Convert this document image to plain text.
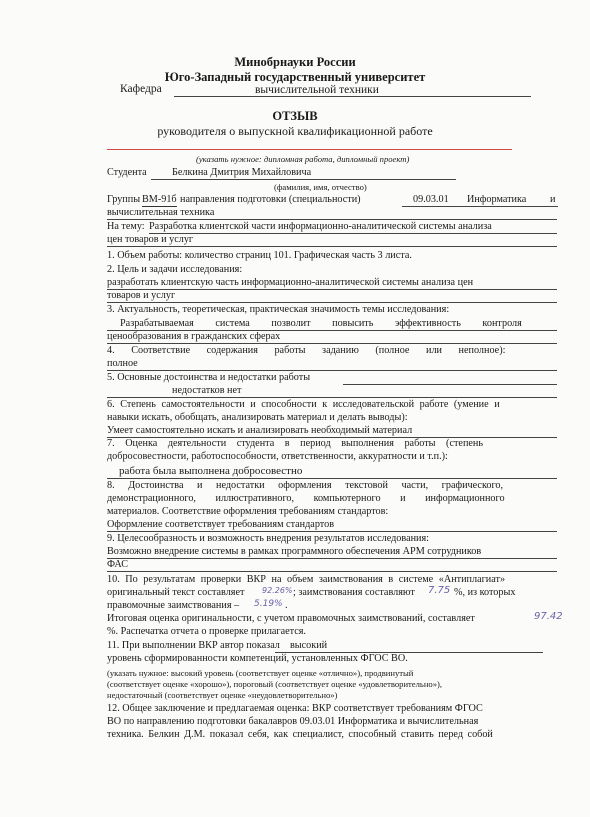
Минобрнауки России
Юго-Западный государственный университет
Кафедра	вычислительной техники
ОТЗЫВ
руководителя о выпускной квалификационной работе
(указать нужное: дипломная работа, дипломный проект)
Студента Белкина Дмитрия Михайловича
(фамилия, имя, отчество)
Группы ВМ-91б направления подготовки (специальности)	09.03.01 Информатика и
вычислительная техника
На тему: Разработка клиентской части информационно-аналитической системы анализа
цен товаров и услуг
1. Объем работы: количество страниц 101. Графическая часть 3 листа.
2. Цель и задачи исследования:
разработать клиентскую часть информационно-аналитической системы анализа цен
товаров и услуг
3. Актуальность, теоретическая, практическая значимость темы исследования:
Разрабатываемая система позволит повысить эффективность контроля
ценообразования в гражданских сферах
4. Соответствие содержания работы заданию (полное или неполное):
полное
5. Основные достоинства и недостатки работы
недостатков нет
6. Степень самостоятельности и способности к исследовательской работе (умение и
навыки искать, обобщать, анализировать материал и делать выводы):
Умеет самостоятельно искать и анализировать необходимый материал
7. Оценка деятельности студента в период выполнения работы (степень
добросовестности, работоспособности, ответственности, аккуратности и т.п.):
работа была выполнена добросовестно
8. Достоинства и недостатки оформления текстовой части, графического,
демонстрационного, иллюстративного, компьютерного и информационного
материалов. Соответствие оформления требованиям стандартов:
Оформление соответствует требованиям стандартов
9. Целесообразность и возможность внедрения результатов исследования:
Возможно внедрение системы в рамках программного обеспечения АРМ сотрудников
ФАС
10. По результатам проверки ВКР на объем заимствования в системе «Антиплагиат»
оригинальный текст составляет 92.26% ; заимствования составляют 7.75 %, из которых
правомочные заимствования – 5.19% .
Итоговая оценка оригинальности, с учетом правомочных заимствований, составляет	97.42
%. Распечатка отчета о проверке прилагается.
11. При выполнении ВКР автор показал высокий
уровень сформированности компетенций, установленных ФГОС ВО.
(указать нужное: высокий уровень (соответствует оценке «отлично»), продвинутый
(соответствует оценке «хорошо»), пороговый (соответствует оценке «удовлетворительно»),
недостаточный (соответствует оценке «неудовлетворительно»)
12. Общее заключение и предлагаемая оценка: ВКР соответствует требованиям ФГОС
ВО по направлению подготовки бакалавров 09.03.01 Информатика и вычислительная
техника. Белкин Д.М. показал себя, как специалист, способный ставить перед собой
